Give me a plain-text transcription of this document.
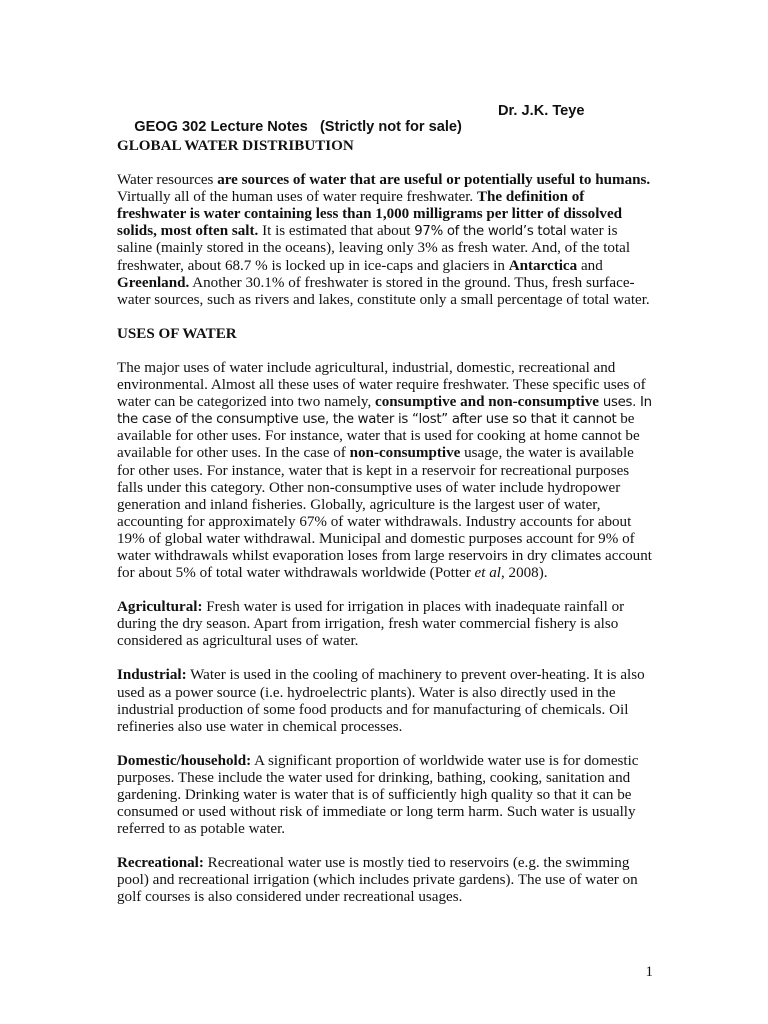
GEOG 302 Lecture Notes   (Strictly not for sale)

Dr. J.K. Teye

GLOBAL WATER DISTRIBUTION

Water resources are sources of water that are useful or potentially useful to humans. Virtually all of the human uses of water require freshwater. The definition of freshwater is water containing less than 1,000 milligrams per litter of dissolved solids, most often salt. It is estimated that about 97% of the world’s total water is saline (mainly stored in the oceans), leaving only 3% as fresh water. And, of the total freshwater, about 68.7 % is locked up in ice-caps and glaciers in Antarctica and Greenland. Another 30.1% of freshwater is stored in the ground. Thus, fresh surface-water sources, such as rivers and lakes, constitute only a small percentage of total water.

USES OF WATER

The major uses of water include agricultural, industrial, domestic, recreational and environmental. Almost all these uses of water require freshwater. These specific uses of water can be categorized into two namely, consumptive and non-consumptive uses. In the case of the consumptive use, the water is “lost” after use so that it cannot be available for other uses. For instance, water that is used for cooking at home cannot be available for other uses. In the case of non-consumptive usage, the water is available for other uses. For instance, water that is kept in a reservoir for recreational purposes falls under this category. Other non-consumptive uses of water include hydropower generation and inland fisheries. Globally, agriculture is the largest user of water, accounting for approximately 67% of water withdrawals. Industry accounts for about 19% of global water withdrawal. Municipal and domestic purposes account for 9% of water withdrawals whilst evaporation loses from large reservoirs in dry climates account for about 5% of total water withdrawals worldwide (Potter et al, 2008).

Agricultural: Fresh water is used for irrigation in places with inadequate rainfall or during the dry season. Apart from irrigation, fresh water commercial fishery is also considered as agricultural uses of water.

Industrial: Water is used in the cooling of machinery to prevent over-heating. It is also used as a power source (i.e. hydroelectric plants). Water is also directly used in the industrial production of some food products and for manufacturing of chemicals. Oil refineries also use water in chemical processes.

Domestic/household: A significant proportion of worldwide water use is for domestic purposes. These include the water used for drinking, bathing, cooking, sanitation and gardening. Drinking water is water that is of sufficiently high quality so that it can be consumed or used without risk of immediate or long term harm. Such water is usually referred to as potable water.

Recreational: Recreational water use is mostly tied to reservoirs (e.g. the swimming pool) and recreational irrigation (which includes private gardens). The use of water on golf courses is also considered under recreational usages.

1
